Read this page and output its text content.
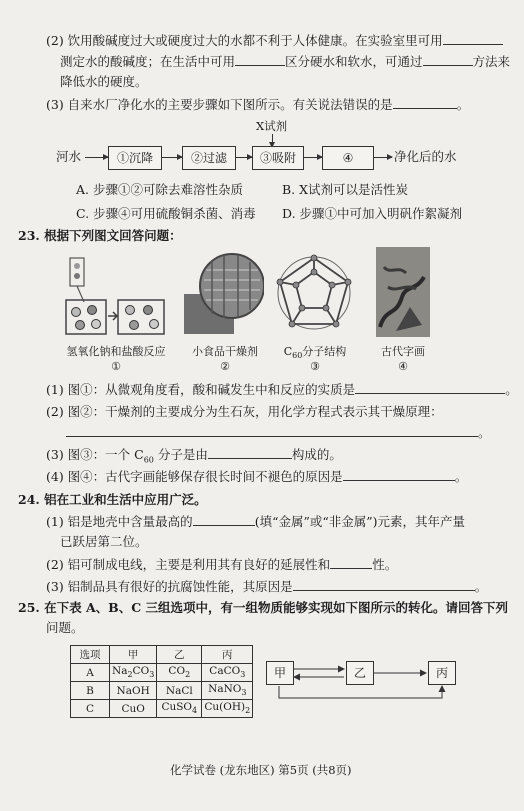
(2) 饮用酸碱度过大或硬度过大的水都不利于人体健康。在实验室里可用
测定水的酸碱度；在生活中可用	区分硬水和软水，可通过	方法来
降低水的硬度。
(3) 自来水厂净化水的主要步骤如下图所示。有关说法错误的是	。
X试剂
河水	①沉降	②过滤	③吸附	④	净化后的水
A. 步骤①②可除去难溶性杂质	B. X试剂可以是活性炭
C. 步骤④可用硫酸铜杀菌、消毒 D. 步骤①中可加入明矾作絮凝剂
23. 根据下列图文回答问题：
氢氧化钠和盐酸反应	小食品干燥剂	$C_{60}$分子结构	古代字画
①	②	③	④
(1) 图①：从微观角度看，酸和碱发生中和反应的实质是	。
(2) 图②：干燥剂的主要成分为生石灰，用化学方程式表示其干燥原理：
。
(3) 图③：一个 $C_{60}$ 分子是由	构成的。
(4) 图④：古代字画能够保存很长时间不褪色的原因是	。
24. 铝在工业和生活中应用广泛。
(1) 铝是地壳中含量最高的	(填“金属”或“非金属”)元素，其年产量
已跃居第二位。
(2) 铝可制成电线，主要是利用其有良好的延展性和	性。
(3) 铝制品具有很好的抗腐蚀性能，其原因是	。
25. 在下表 A、B、C 三组选项中，有一组物质能够实现如下图所示的转化。请回答下列
问题。
选项	甲	乙	丙
A	$Na_2CO_3$	$CO_2$	CaCO$_3$
B	NaOH	NaCl	NaNO$_3$
C	CuO	CuSO$_4$	$Cu(OH)_2$
甲	乙	丙
化学试卷 (龙东地区) 第5页 (共8页)
